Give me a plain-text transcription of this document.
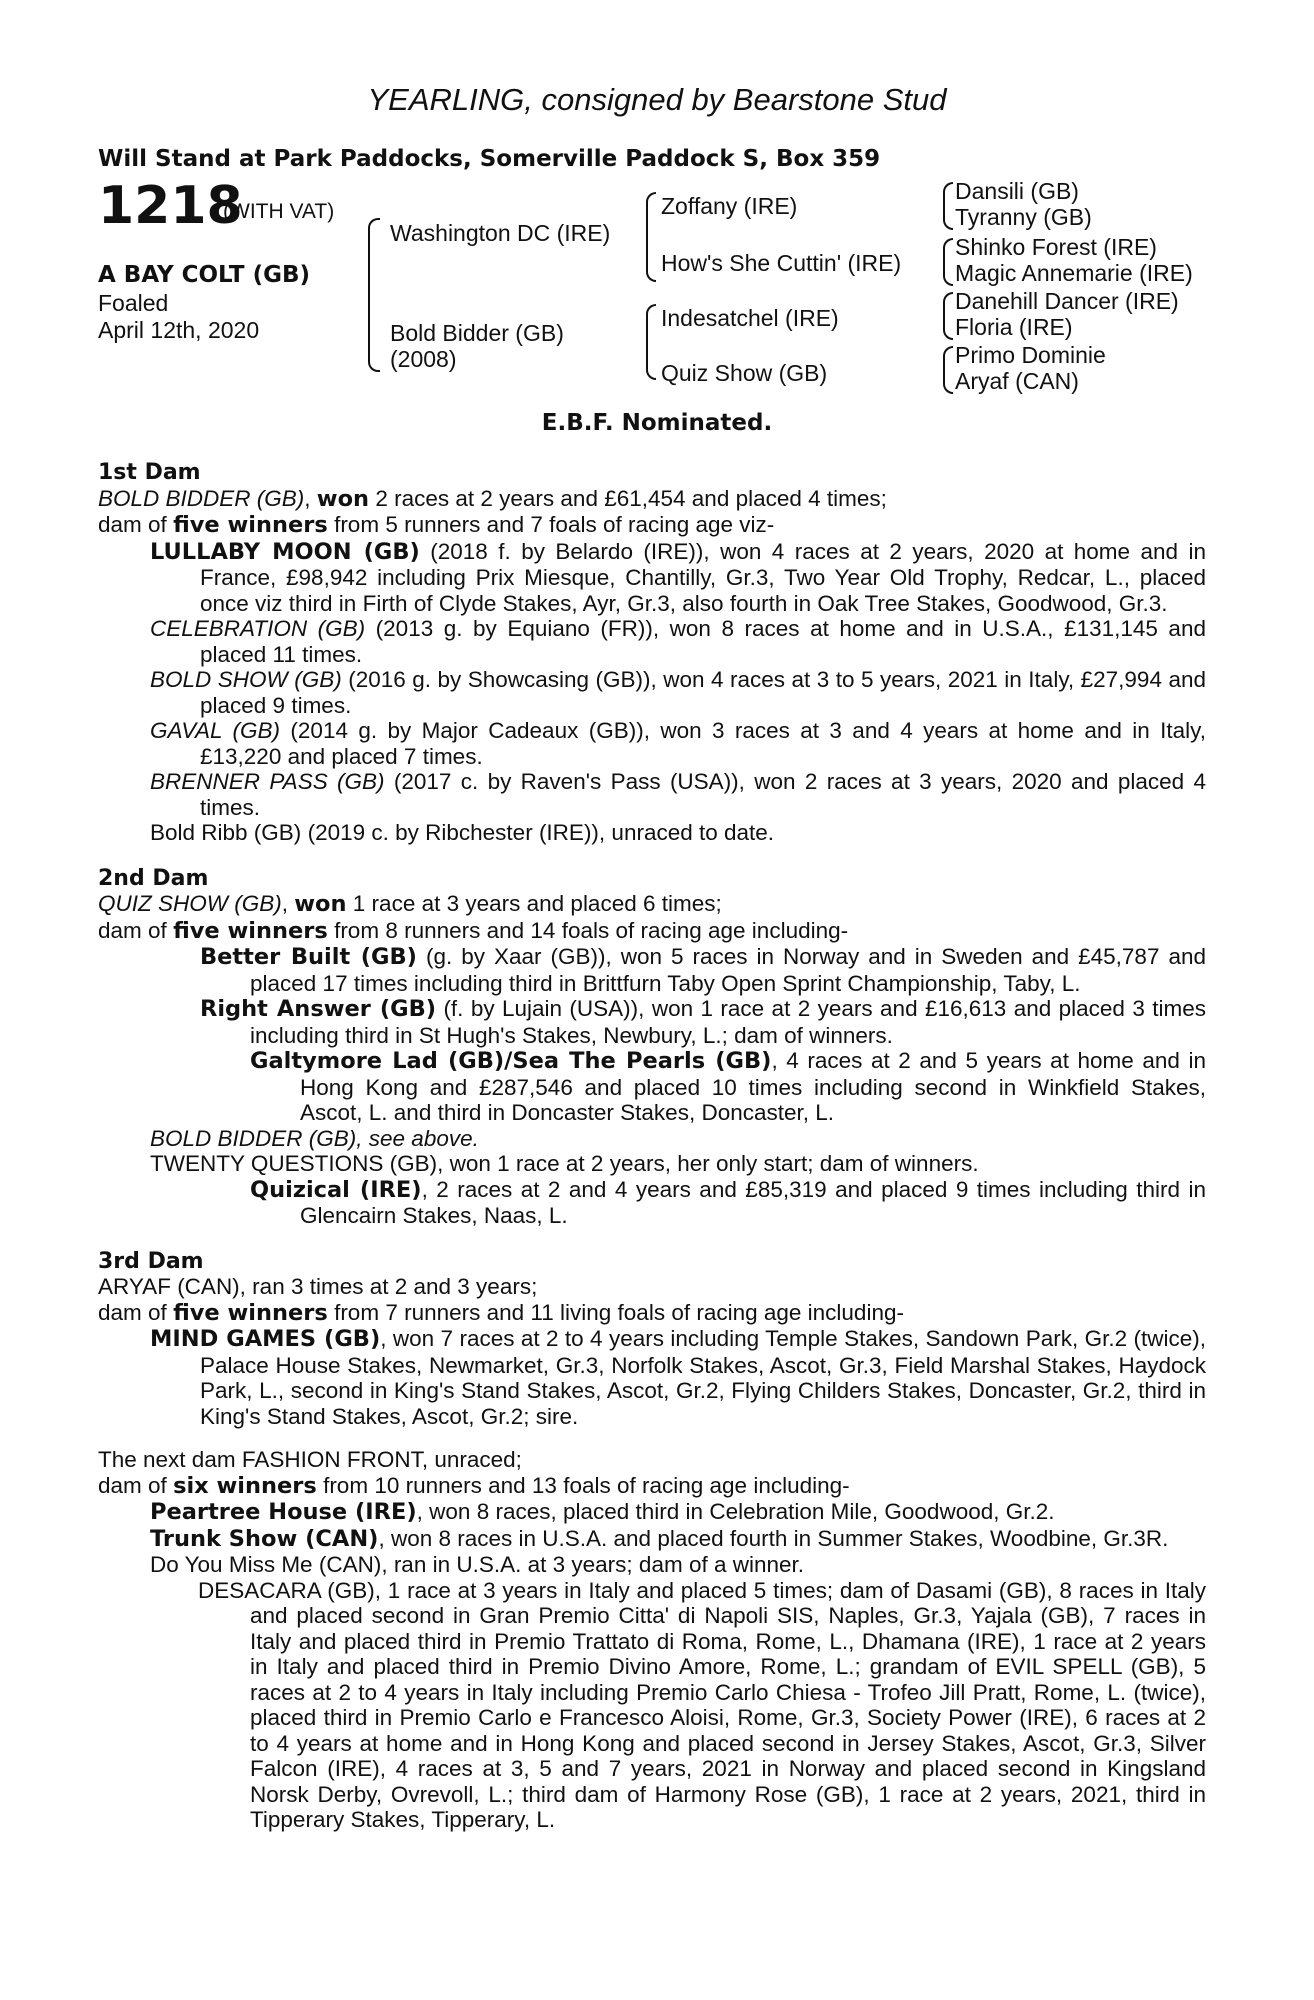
YEARLING, consigned by Bearstone Stud
Will Stand at Park Paddocks, Somerville Paddock S, Box 359
1218
(WITH VAT)
A BAY COLT (GB)
Foaled
April 12th, 2020
Washington DC (IRE)
Bold Bidder (GB)
(2008)
Zoffany (IRE)
How's She Cuttin' (IRE)
Indesatchel (IRE)
Quiz Show (GB)
Dansili (GB)
Tyranny (GB)
Shinko Forest (IRE)
Magic Annemarie (IRE)
Danehill Dancer (IRE)
Floria (IRE)
Primo Dominie
Aryaf (CAN)
E.B.F. Nominated.
1st Dam
BOLD BIDDER (GB), won 2 races at 2 years and £61,454 and placed 4 times;
dam of five winners from 5 runners and 7 foals of racing age viz-
LULLABY MOON (GB) (2018 f. by Belardo (IRE)), won 4 races at 2 years, 2020 at home and in France, £98,942 including Prix Miesque, Chantilly, Gr.3, Two Year Old Trophy, Redcar, L., placed once viz third in Firth of Clyde Stakes, Ayr, Gr.3, also fourth in Oak Tree Stakes, Goodwood, Gr.3.
CELEBRATION (GB) (2013 g. by Equiano (FR)), won 8 races at home and in U.S.A., £131,145 and placed 11 times.
BOLD SHOW (GB) (2016 g. by Showcasing (GB)), won 4 races at 3 to 5 years, 2021 in Italy, £27,994 and placed 9 times.
GAVAL (GB) (2014 g. by Major Cadeaux (GB)), won 3 races at 3 and 4 years at home and in Italy, £13,220 and placed 7 times.
BRENNER PASS (GB) (2017 c. by Raven's Pass (USA)), won 2 races at 3 years, 2020 and placed 4 times.
Bold Ribb (GB) (2019 c. by Ribchester (IRE)), unraced to date.
2nd Dam
QUIZ SHOW (GB), won 1 race at 3 years and placed 6 times;
dam of five winners from 8 runners and 14 foals of racing age including-
Better Built (GB) (g. by Xaar (GB)), won 5 races in Norway and in Sweden and £45,787 and placed 17 times including third in Brittfurn Taby Open Sprint Championship, Taby, L.
Right Answer (GB) (f. by Lujain (USA)), won 1 race at 2 years and £16,613 and placed 3 times including third in St Hugh's Stakes, Newbury, L.; dam of winners.
Galtymore Lad (GB)/Sea The Pearls (GB), 4 races at 2 and 5 years at home and in Hong Kong and £287,546 and placed 10 times including second in Winkfield Stakes, Ascot, L. and third in Doncaster Stakes, Doncaster, L.
BOLD BIDDER (GB), see above.
TWENTY QUESTIONS (GB), won 1 race at 2 years, her only start; dam of winners.
Quizical (IRE), 2 races at 2 and 4 years and £85,319 and placed 9 times including third in Glencairn Stakes, Naas, L.
3rd Dam
ARYAF (CAN), ran 3 times at 2 and 3 years;
dam of five winners from 7 runners and 11 living foals of racing age including-
MIND GAMES (GB), won 7 races at 2 to 4 years including Temple Stakes, Sandown Park, Gr.2 (twice), Palace House Stakes, Newmarket, Gr.3, Norfolk Stakes, Ascot, Gr.3, Field Marshal Stakes, Haydock Park, L., second in King's Stand Stakes, Ascot, Gr.2, Flying Childers Stakes, Doncaster, Gr.2, third in King's Stand Stakes, Ascot, Gr.2; sire.
The next dam FASHION FRONT, unraced;
dam of six winners from 10 runners and 13 foals of racing age including-
Peartree House (IRE), won 8 races, placed third in Celebration Mile, Goodwood, Gr.2.
Trunk Show (CAN), won 8 races in U.S.A. and placed fourth in Summer Stakes, Woodbine, Gr.3R.
Do You Miss Me (CAN), ran in U.S.A. at 3 years; dam of a winner.
DESACARA (GB), 1 race at 3 years in Italy and placed 5 times; dam of Dasami (GB), 8 races in Italy and placed second in Gran Premio Citta' di Napoli SIS, Naples, Gr.3, Yajala (GB), 7 races in Italy and placed third in Premio Trattato di Roma, Rome, L., Dhamana (IRE), 1 race at 2 years in Italy and placed third in Premio Divino Amore, Rome, L.; grandam of EVIL SPELL (GB), 5 races at 2 to 4 years in Italy including Premio Carlo Chiesa - Trofeo Jill Pratt, Rome, L. (twice), placed third in Premio Carlo e Francesco Aloisi, Rome, Gr.3, Society Power (IRE), 6 races at 2 to 4 years at home and in Hong Kong and placed second in Jersey Stakes, Ascot, Gr.3, Silver Falcon (IRE), 4 races at 3, 5 and 7 years, 2021 in Norway and placed second in Kingsland Norsk Derby, Ovrevoll, L.; third dam of Harmony Rose (GB), 1 race at 2 years, 2021, third in Tipperary Stakes, Tipperary, L.
